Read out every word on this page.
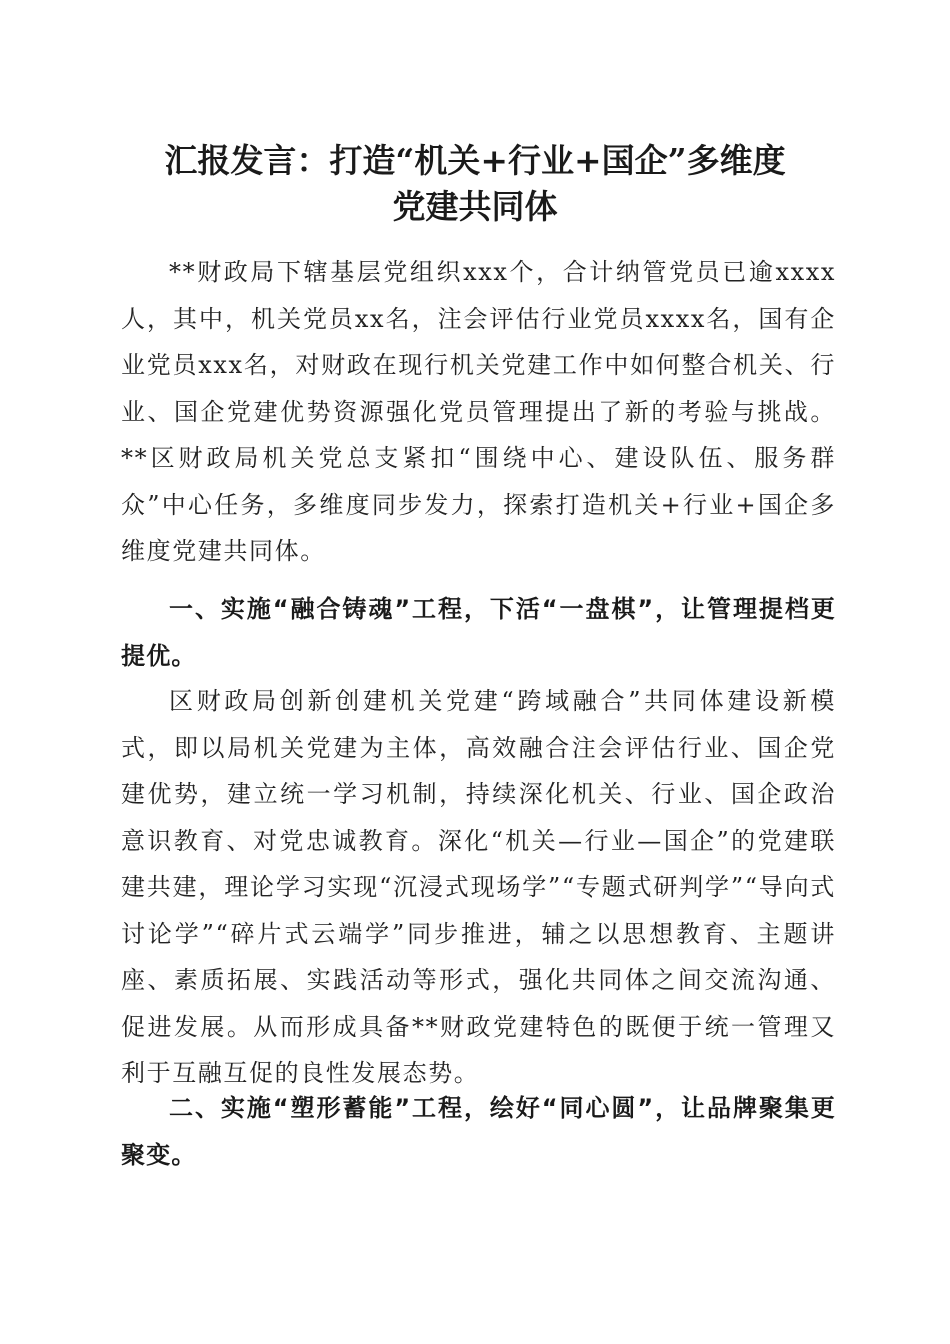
汇报发言：打造“机关+行业+国企”多维度
党建共同体

**财政局下辖基层党组织xxx个，合计纳管党员已逾xxxx人，其中，机关党员xx名，注会评估行业党员xxxx名，国有企业党员xxx名，对财政在现行机关党建工作中如何整合机关、行业、国企党建优势资源强化党员管理提出了新的考验与挑战。**区财政局机关党总支紧扣“围绕中心、建设队伍、服务群众”中心任务，多维度同步发力，探索打造机关+行业+国企多维度党建共同体。

一、实施“融合铸魂”工程，下活“一盘棋”，让管理提档更提优。

区财政局创新创建机关党建“跨域融合”共同体建设新模式，即以局机关党建为主体，高效融合注会评估行业、国企党建优势，建立统一学习机制，持续深化机关、行业、国企政治意识教育、对党忠诚教育。深化“机关—行业—国企”的党建联建共建，理论学习实现“沉浸式现场学”“专题式研判学”“导向式讨论学”“碎片式云端学”同步推进，辅之以思想教育、主题讲座、素质拓展、实践活动等形式，强化共同体之间交流沟通、促进发展。从而形成具备**财政党建特色的既便于统一管理又利于互融互促的良性发展态势。

二、实施“塑形蓄能”工程，绘好“同心圆”，让品牌聚集更聚变。
